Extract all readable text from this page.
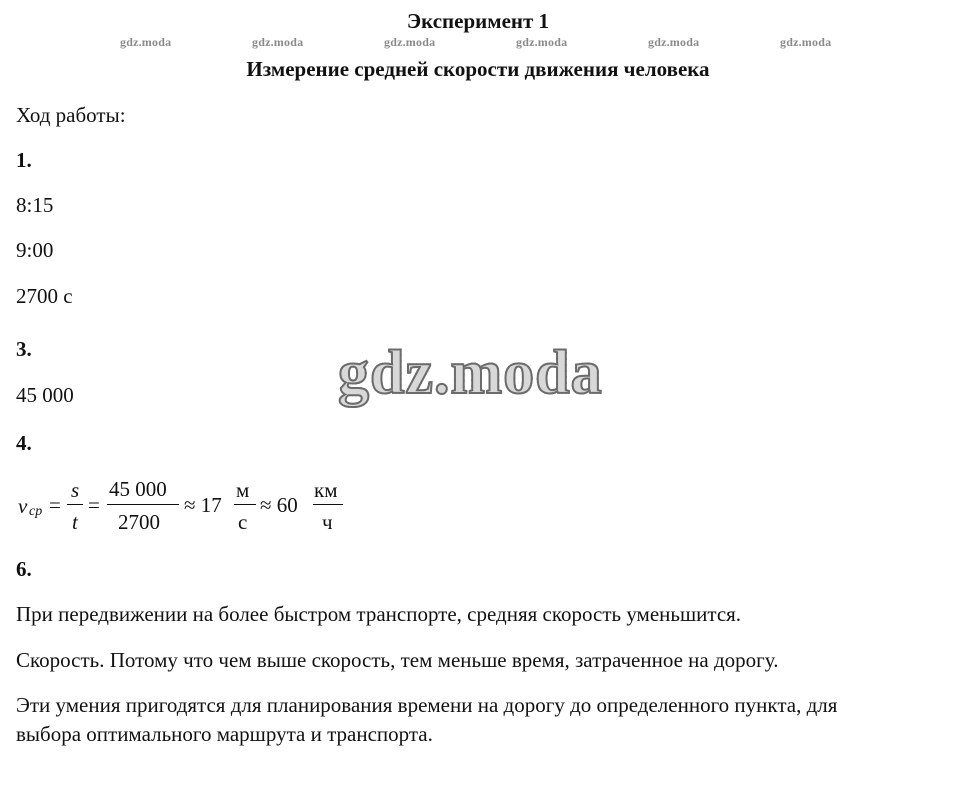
Эксперимент 1
gdz.moda	gdz.moda	gdz.moda	gdz.moda	gdz.moda	gdz.moda
Измерение средней скорости движения человека
Ход работы:
1.
8:15
9:00
2700 с
3.	gdz.moda
45 000
4.
v ср =
s
t
=
45 000
2700
≈ 17
м
с
≈ 60
км
ч
6.
При передвижении на более быстром транспорте, средняя скорость уменьшится.
Скорость. Потому что чем выше скорость, тем меньше время, затраченное на дорогу.
Эти умения пригодятся для планирования времени на дорогу до определенного пункта, для
выбора оптимального маршрута и транспорта.
